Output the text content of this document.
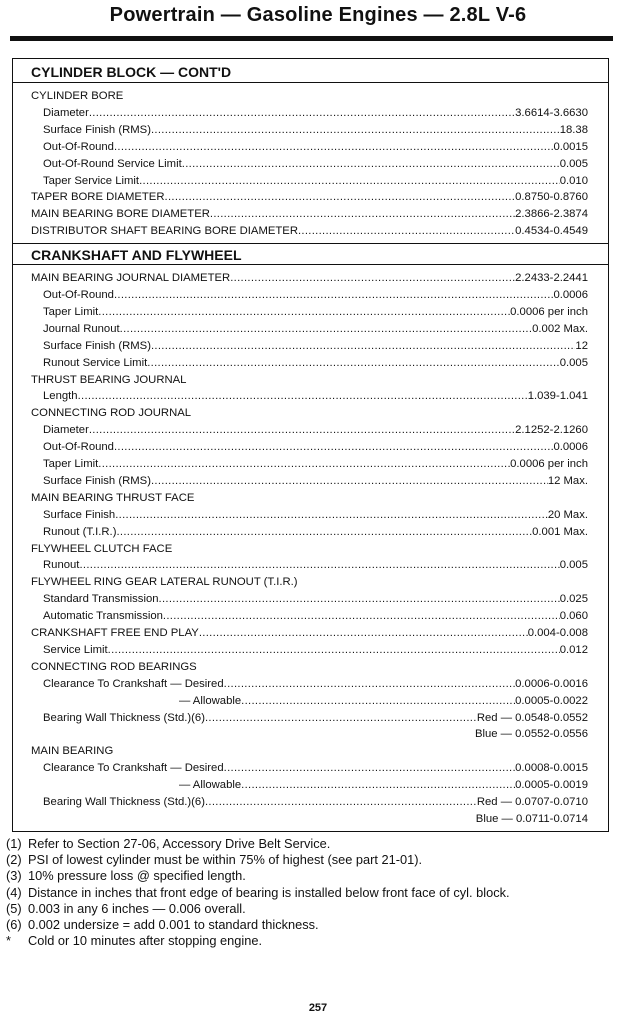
Powertrain — Gasoline Engines — 2.8L V-6
CYLINDER BLOCK — CONT'D
CYLINDER BORE
Diameter .....	3.6614-3.6630
Surface Finish (RMS) .....	18.38
Out-Of-Round .....	0.0015
Out-Of-Round Service Limit .....	0.005
Taper Service Limit .....	0.010
TAPER BORE DIAMETER .....	0.8750-0.8760
MAIN BEARING BORE DIAMETER .....	2.3866-2.3874
DISTRIBUTOR SHAFT BEARING BORE DIAMETER .....	0.4534-0.4549
CRANKSHAFT AND FLYWHEEL
MAIN BEARING JOURNAL DIAMETER .....	2.2433-2.2441
Out-Of-Round .....	0.0006
Taper Limit .....	0.0006 per inch
Journal Runout .....	0.002 Max.
Surface Finish (RMS) .....	12
Runout Service Limit .....	0.005
THRUST BEARING JOURNAL
Length .....	1.039-1.041
CONNECTING ROD JOURNAL
Diameter .....	2.1252-2.1260
Out-Of-Round .....	0.0006
Taper Limit .....	0.0006 per inch
Surface Finish (RMS) .....	12 Max.
MAIN BEARING THRUST FACE
Surface Finish .....	20 Max.
Runout (T.I.R.) .....	0.001 Max.
FLYWHEEL CLUTCH FACE
Runout .....	0.005
FLYWHEEL RING GEAR LATERAL RUNOUT (T.I.R.)
Standard Transmission .....	0.025
Automatic Transmission .....	0.060
CRANKSHAFT FREE END PLAY .....	0.004-0.008
Service Limit .....	0.012
CONNECTING ROD BEARINGS
Clearance To Crankshaft — Desired .....	0.0006-0.0016
— Allowable .....	0.0005-0.0022
Bearing Wall Thickness (Std.)(6) .....	Red — 0.0548-0.0552
Blue — 0.0552-0.0556
MAIN BEARING
Clearance To Crankshaft — Desired .....	0.0008-0.0015
— Allowable .....	0.0005-0.0019
Bearing Wall Thickness (Std.)(6) .....	Red — 0.0707-0.0710
Blue — 0.0711-0.0714
(1) Refer to Section 27-06, Accessory Drive Belt Service.
(2) PSI of lowest cylinder must be within 75% of highest (see part 21-01).
(3) 10% pressure loss @ specified length.
(4) Distance in inches that front edge of bearing is installed below front face of cyl. block.
(5) 0.003 in any 6 inches — 0.006 overall.
(6) 0.002 undersize = add 0.001 to standard thickness.
* Cold or 10 minutes after stopping engine.
257
